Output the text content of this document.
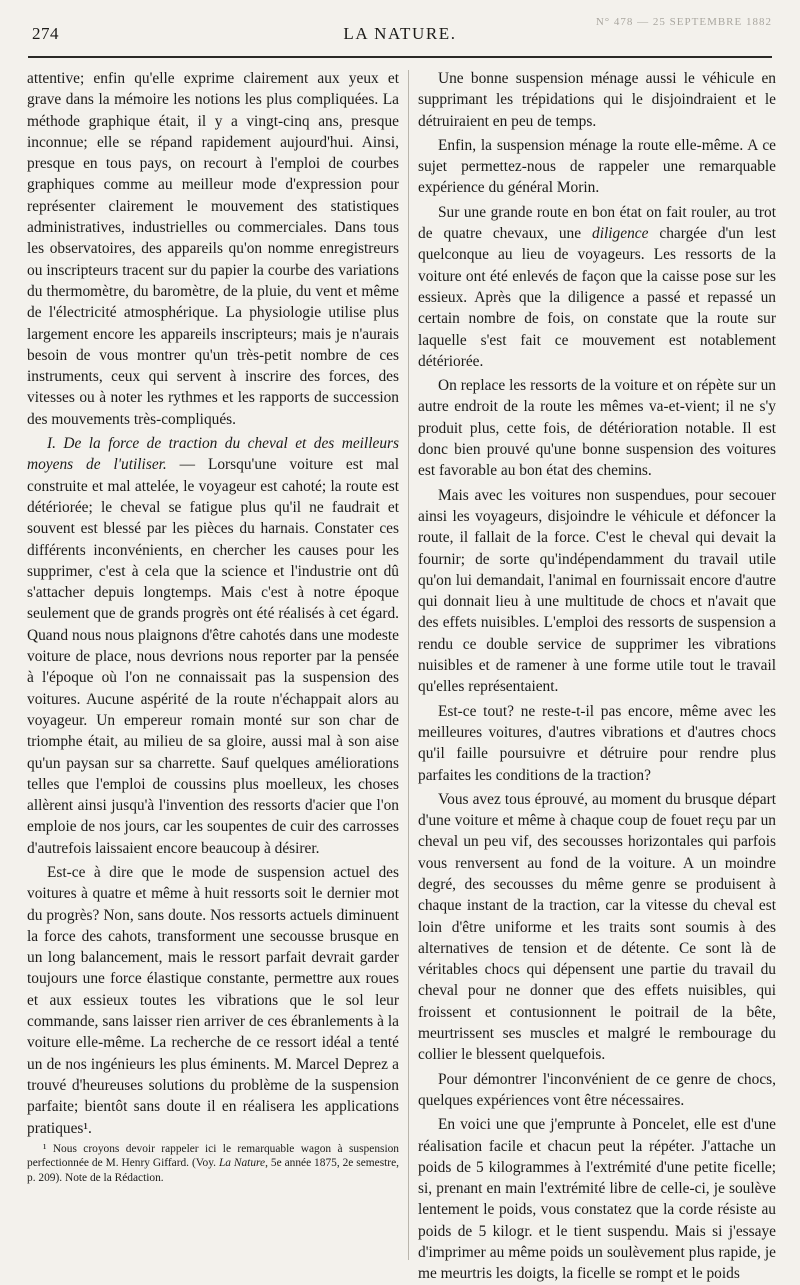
274	LA NATURE.
N° 478 — 25 SEPTEMBRE 1882

attentive; enfin qu'elle exprime clairement aux yeux et grave dans la mémoire les notions les plus compliquées. La méthode graphique était, il y a vingt-cinq ans, presque inconnue; elle se répand rapidement aujourd'hui. Ainsi, presque en tous pays, on recourt à l'emploi de courbes graphiques comme au meilleur mode d'expression pour représenter clairement le mouvement des statistiques administratives, industrielles ou commerciales. Dans tous les observatoires, des appareils qu'on nomme enregistreurs ou inscripteurs tracent sur du papier la courbe des variations du thermomètre, du baromètre, de la pluie, du vent et même de l'électricité atmosphérique. La physiologie utilise plus largement encore les appareils inscripteurs; mais je n'aurais besoin de vous montrer qu'un très-petit nombre de ces instruments, ceux qui servent à inscrire des forces, des vitesses ou à noter les rythmes et les rapports de succession des mouvements très-compliqués.

I. De la force de traction du cheval et des meilleurs moyens de l'utiliser. — Lorsqu'une voiture est mal construite et mal attelée, le voyageur est cahoté; la route est détériorée; le cheval se fatigue plus qu'il ne faudrait et souvent est blessé par les pièces du harnais. Constater ces différents inconvénients, en chercher les causes pour les supprimer, c'est à cela que la science et l'industrie ont dû s'attacher depuis longtemps. Mais c'est à notre époque seulement que de grands progrès ont été réalisés à cet égard. Quand nous nous plaignons d'être cahotés dans une modeste voiture de place, nous devrions nous reporter par la pensée à l'époque où l'on ne connaissait pas la suspension des voitures. Aucune aspérité de la route n'échappait alors au voyageur. Un empereur romain monté sur son char de triomphe était, au milieu de sa gloire, aussi mal à son aise qu'un paysan sur sa charrette. Sauf quelques améliorations telles que l'emploi de coussins plus moelleux, les choses allèrent ainsi jusqu'à l'invention des ressorts d'acier que l'on emploie de nos jours, car les soupentes de cuir des carrosses d'autrefois laissaient encore beaucoup à désirer.

Est-ce à dire que le mode de suspension actuel des voitures à quatre et même à huit ressorts soit le dernier mot du progrès? Non, sans doute. Nos ressorts actuels diminuent la force des cahots, transforment une secousse brusque en un long balancement, mais le ressort parfait devrait garder toujours une force élastique constante, permettre aux roues et aux essieux toutes les vibrations que le sol leur commande, sans laisser rien arriver de ces ébranlements à la voiture elle-même. La recherche de ce ressort idéal a tenté un de nos ingénieurs les plus éminents. M. Marcel Deprez a trouvé d'heureuses solutions du problème de la suspension parfaite; bientôt sans doute il en réalisera les applications pratiques¹.

¹ Nous croyons devoir rappeler ici le remarquable wagon à suspension perfectionnée de M. Henry Giffard. (Voy. La Nature, 5e année 1875, 2e semestre, p. 209). Note de la Rédaction.

Une bonne suspension ménage aussi le véhicule en supprimant les trépidations qui le disjoindraient et le détruiraient en peu de temps.

Enfin, la suspension ménage la route elle-même. A ce sujet permettez-nous de rappeler une remarquable expérience du général Morin.

Sur une grande route en bon état on fait rouler, au trot de quatre chevaux, une diligence chargée d'un lest quelconque au lieu de voyageurs. Les ressorts de la voiture ont été enlevés de façon que la caisse pose sur les essieux. Après que la diligence a passé et repassé un certain nombre de fois, on constate que la route sur laquelle s'est fait ce mouvement est notablement détériorée.

On replace les ressorts de la voiture et on répète sur un autre endroit de la route les mêmes va-et-vient; il ne s'y produit plus, cette fois, de détérioration notable. Il est donc bien prouvé qu'une bonne suspension des voitures est favorable au bon état des chemins.

Mais avec les voitures non suspendues, pour secouer ainsi les voyageurs, disjoindre le véhicule et défoncer la route, il fallait de la force. C'est le cheval qui devait la fournir; de sorte qu'indépendamment du travail utile qu'on lui demandait, l'animal en fournissait encore d'autre qui donnait lieu à une multitude de chocs et n'avait que des effets nuisibles. L'emploi des ressorts de suspension a rendu ce double service de supprimer les vibrations nuisibles et de ramener à une forme utile tout le travail qu'elles représentaient.

Est-ce tout? ne reste-t-il pas encore, même avec les meilleures voitures, d'autres vibrations et d'autres chocs qu'il faille poursuivre et détruire pour rendre plus parfaites les conditions de la traction?

Vous avez tous éprouvé, au moment du brusque départ d'une voiture et même à chaque coup de fouet reçu par un cheval un peu vif, des secousses horizontales qui parfois vous renversent au fond de la voiture. A un moindre degré, des secousses du même genre se produisent à chaque instant de la traction, car la vitesse du cheval est loin d'être uniforme et les traits sont soumis à des alternatives de tension et de détente. Ce sont là de véritables chocs qui dépensent une partie du travail du cheval pour ne donner que des effets nuisibles, qui froissent et contusionnent le poitrail de la bête, meurtrissent ses muscles et malgré le rembourage du collier le blessent quelquefois.

Pour démontrer l'inconvénient de ce genre de chocs, quelques expériences vont être nécessaires.

En voici une que j'emprunte à Poncelet, elle est d'une réalisation facile et chacun peut la répéter. J'attache un poids de 5 kilogrammes à l'extrémité d'une petite ficelle; si, prenant en main l'extrémité libre de celle-ci, je soulève lentement le poids, vous constatez que la corde résiste au poids de 5 kilogr. et le tient suspendu. Mais si j'essaye d'imprimer au même poids un soulèvement plus rapide, je me meurtris les doigts, la ficelle se rompt et le poids
